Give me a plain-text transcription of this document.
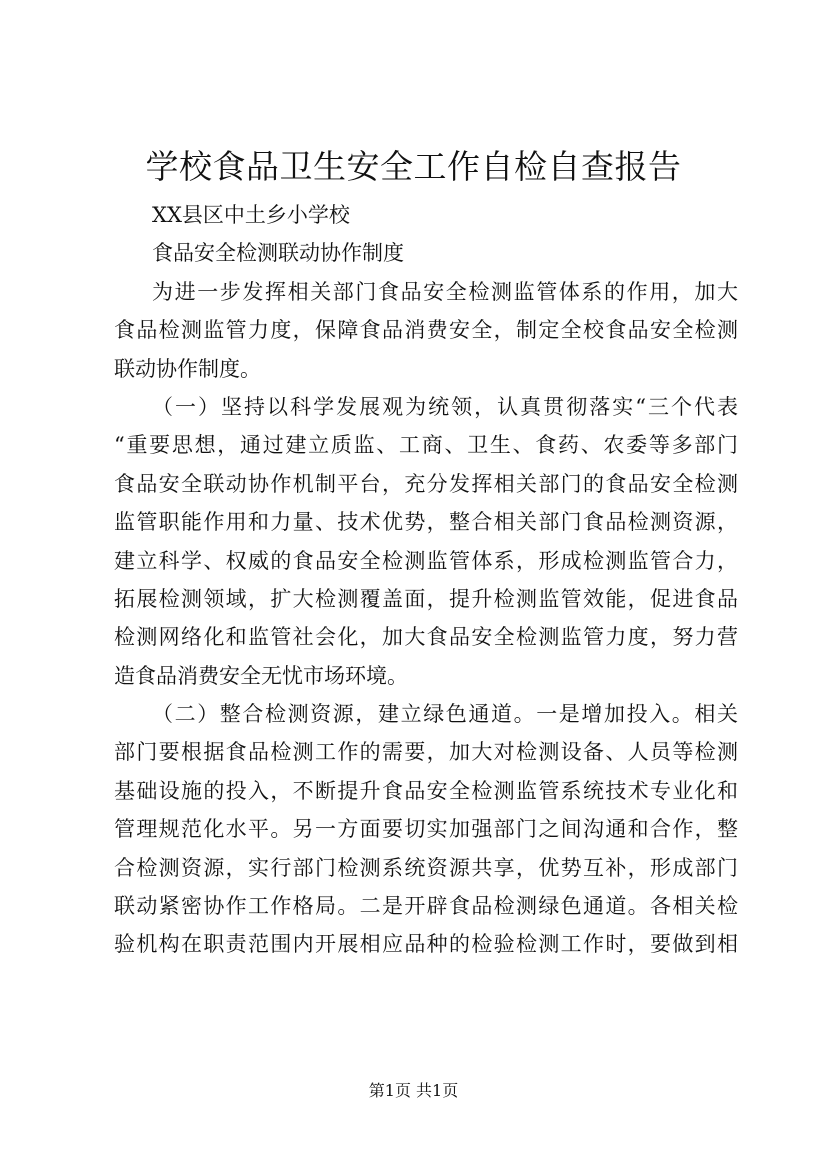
学校食品卫生安全工作自检自查报告
XX县区中土乡小学校
食品安全检测联动协作制度
为进一步发挥相关部门食品安全检测监管体系的作用，加大
食品检测监管力度，保障食品消费安全，制定全校食品安全检测
联动协作制度。
（一）坚持以科学发展观为统领，认真贯彻落实“三个代表
“重要思想，通过建立质监、工商、卫生、食药、农委等多部门
食品安全联动协作机制平台，充分发挥相关部门的食品安全检测
监管职能作用和力量、技术优势，整合相关部门食品检测资源，
建立科学、权威的食品安全检测监管体系，形成检测监管合力，
拓展检测领域，扩大检测覆盖面，提升检测监管效能，促进食品
检测网络化和监管社会化，加大食品安全检测监管力度，努力营
造食品消费安全无忧市场环境。
（二）整合检测资源，建立绿色通道。一是增加投入。相关
部门要根据食品检测工作的需要，加大对检测设备、人员等检测
基础设施的投入，不断提升食品安全检测监管系统技术专业化和
管理规范化水平。另一方面要切实加强部门之间沟通和合作，整
合检测资源，实行部门检测系统资源共享，优势互补，形成部门
联动紧密协作工作格局。二是开辟食品检测绿色通道。各相关检
验机构在职责范围内开展相应品种的检验检测工作时，要做到相
第1页 共1页
